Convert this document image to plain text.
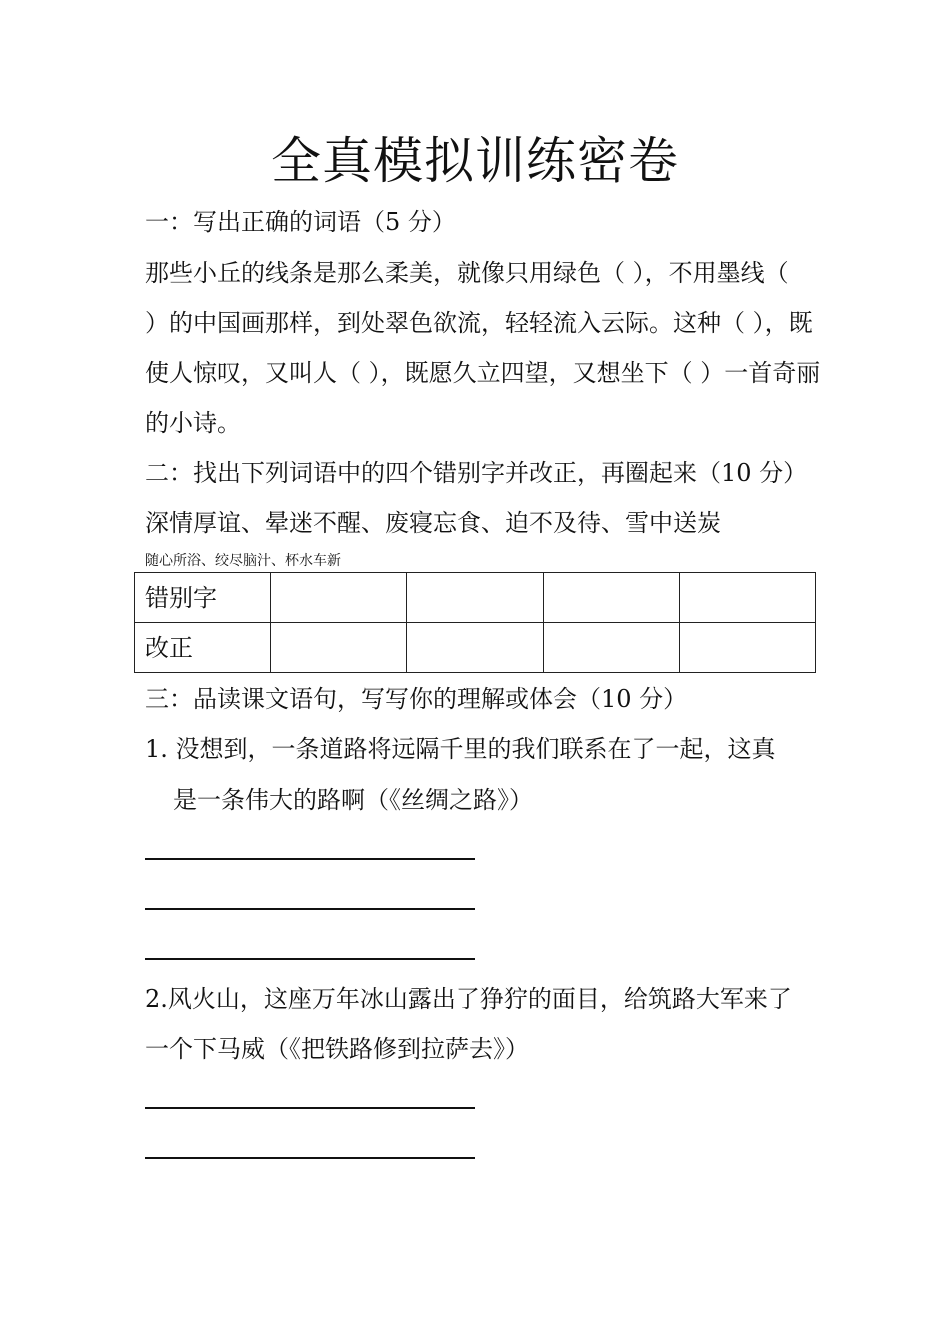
全真模拟训练密卷
一：写出正确的词语（5 分）
那些小丘的线条是那么柔美，就像只用绿色（ ），不用墨线（
）的中国画那样，到处翠色欲流，轻轻流入云际。这种（ ），既
使人惊叹，又叫人（ ），既愿久立四望，又想坐下（ ）一首奇丽
的小诗。
二：找出下列词语中的四个错别字并改正，再圈起来（10 分）
深情厚谊、晕迷不醒、废寝忘食、迫不及待、雪中送炭
随心所浴、绞尽脑汁、杯水车新
错别字				
改正				
三：品读课文语句，写写你的理解或体会（10 分）
1. 没想到，一条道路将远隔千里的我们联系在了一起，这真
是一条伟大的路啊（《丝绸之路》）
2.风火山，这座万年冰山露出了狰狞的面目，给筑路大军来了
一个下马威（《把铁路修到拉萨去》）
